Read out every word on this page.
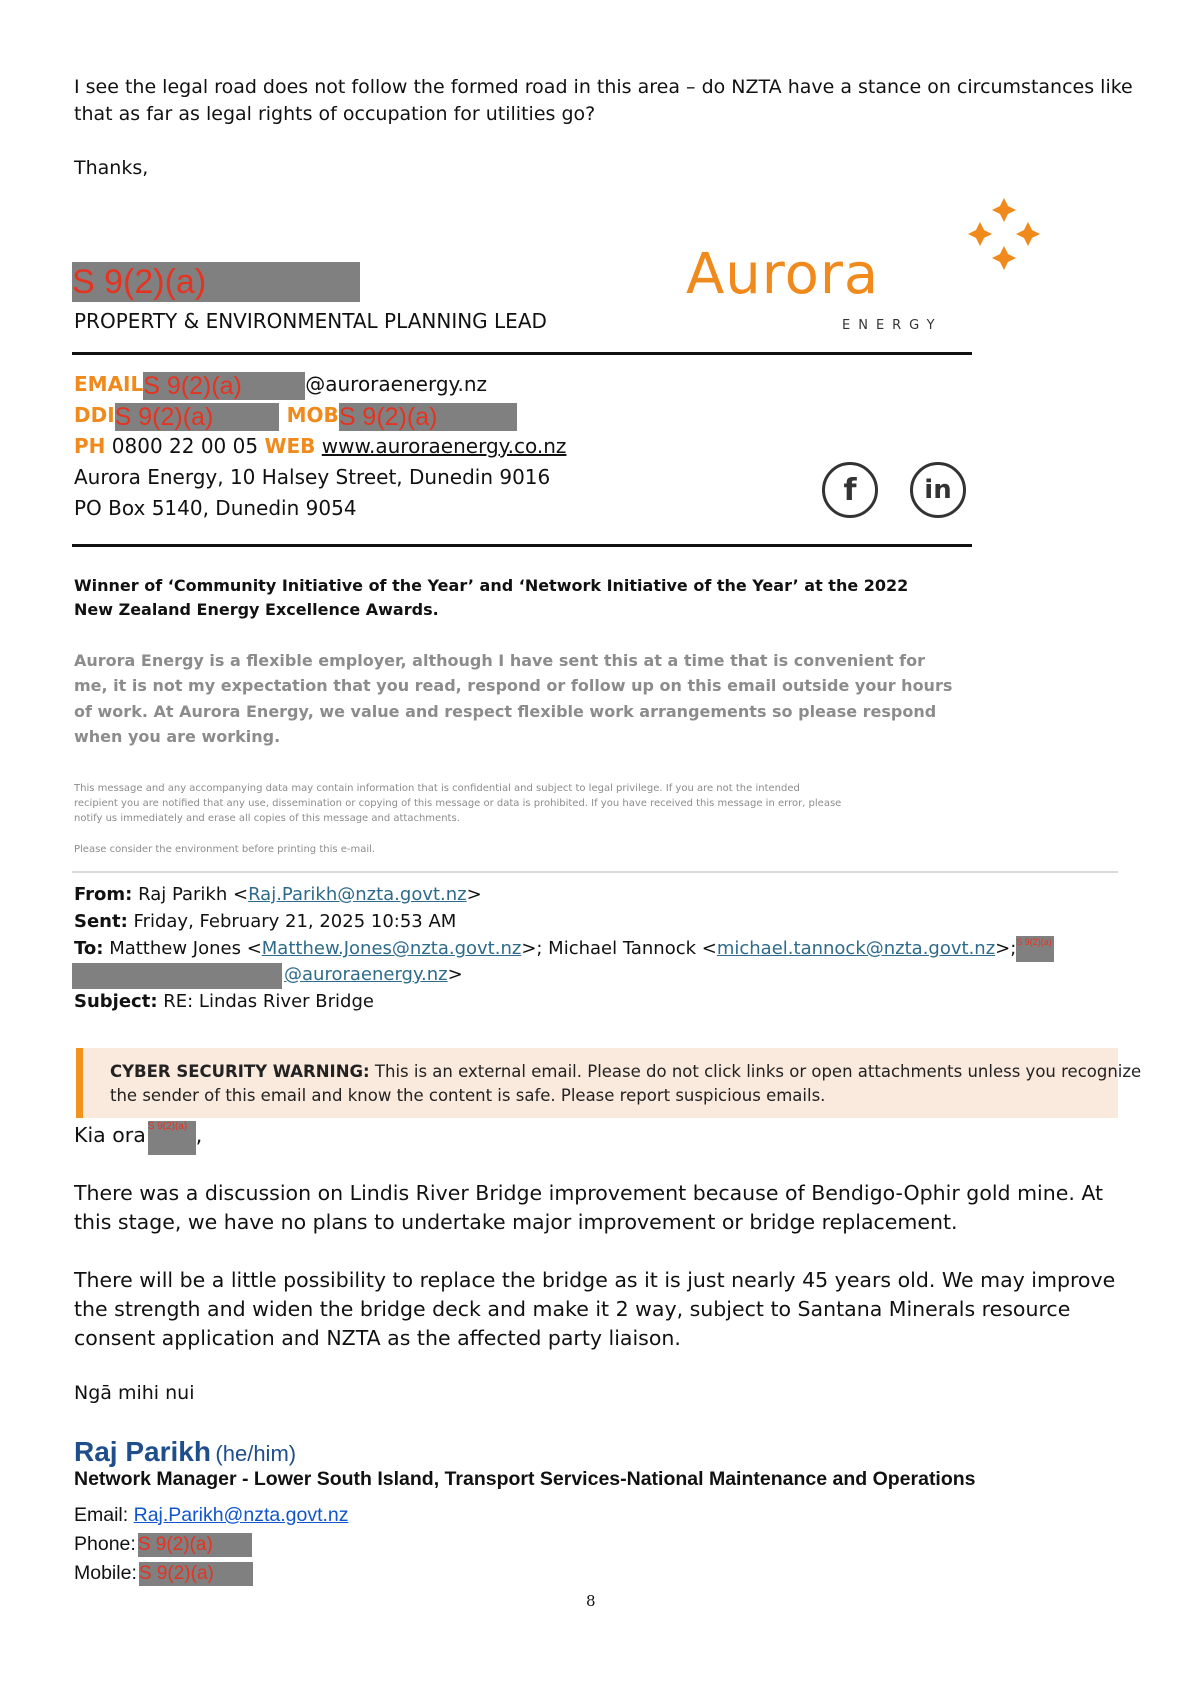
I see the legal road does not follow the formed road in this area – do NZTA have a stance on circumstances like
that as far as legal rights of occupation for utilities go?
Thanks,
S 9(2)(a)
PROPERTY & ENVIRONMENTAL PLANNING LEAD
Aurora
ENERGY
EMAILS 9(2)(a)	@auroraenergy.nz
DDIS 9(2)(a)	MOBS 9(2)(a)
PH 0800 22 00 05 WEB www.auroraenergy.co.nz
Aurora Energy, 10 Halsey Street, Dunedin 9016
PO Box 5140, Dunedin 9054
f	in
Winner of ‘Community Initiative of the Year’ and ‘Network Initiative of the Year’ at the 2022
New Zealand Energy Excellence Awards.
Aurora Energy is a flexible employer, although I have sent this at a time that is convenient for
me, it is not my expectation that you read, respond or follow up on this email outside your hours
of work. At Aurora Energy, we value and respect flexible work arrangements so please respond
when you are working.
This message and any accompanying data may contain information that is confidential and subject to legal privilege. If you are not the intended
recipient you are notified that any use, dissemination or copying of this message or data is prohibited. If you have received this message in error, please
notify us immediately and erase all copies of this message and attachments.
Please consider the environment before printing this e-mail.
From: Raj Parikh <Raj.Parikh@nzta.govt.nz>
Sent: Friday, February 21, 2025 10:53 AM
To: Matthew Jones <Matthew.Jones@nzta.govt.nz>; Michael Tannock <michael.tannock@nzta.govt.nz>;S 9(2)(a)
@auroraenergy.nz>
Subject: RE: Lindas River Bridge
CYBER SECURITY WARNING: This is an external email. Please do not click links or open attachments unless you recognize
the sender of this email and know the content is safe. Please report suspicious emails.
Kia ora S 9(2)(a) ,
There was a discussion on Lindis River Bridge improvement because of Bendigo-Ophir gold mine. At
this stage, we have no plans to undertake major improvement or bridge replacement.
There will be a little possibility to replace the bridge as it is just nearly 45 years old. We may improve
the strength and widen the bridge deck and make it 2 way, subject to Santana Minerals resource
consent application and NZTA as the affected party liaison.
Ngā mihi nui
Raj Parikh (he/him)
Network Manager - Lower South Island, Transport Services-National Maintenance and Operations
Email: Raj.Parikh@nzta.govt.nz
Phone: S 9(2)(a)
Mobile: S 9(2)(a)
8
